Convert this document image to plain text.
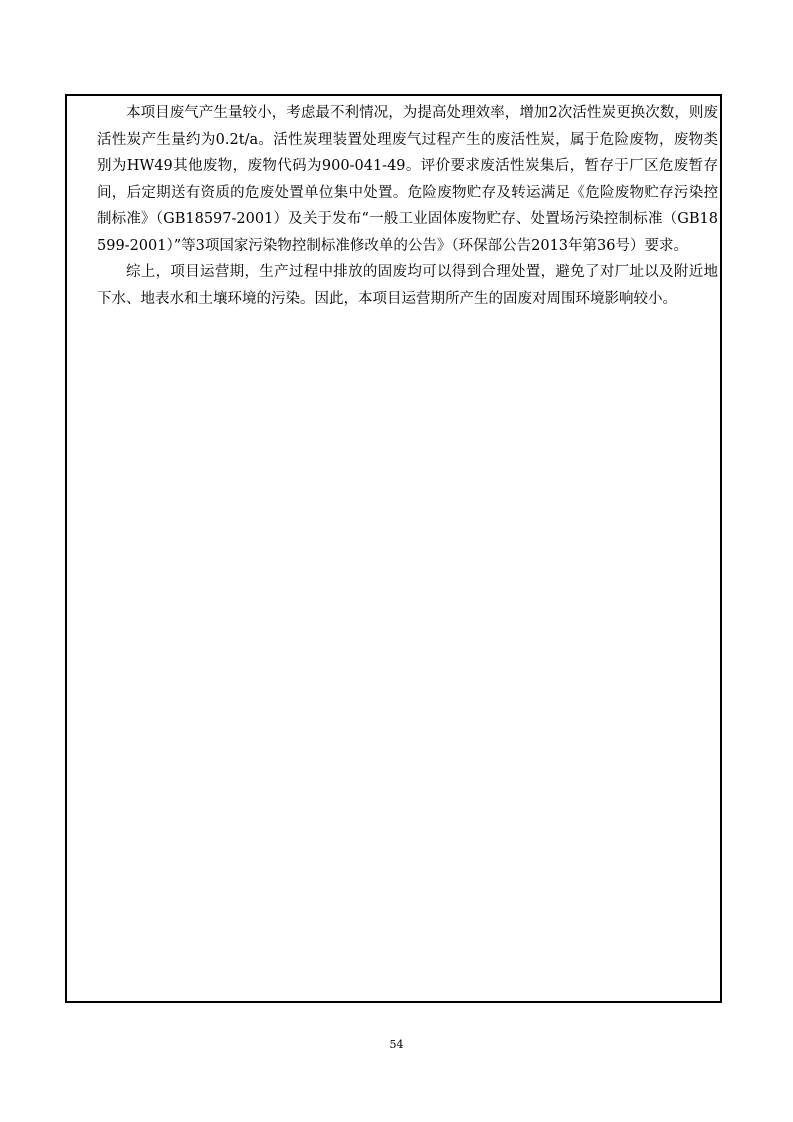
本项目废气产生量较小，考虑最不利情况，为提高处理效率，增加2次活性炭更换次数，则废活性炭产生量约为0.2t/a。活性炭理装置处理废气过程产生的废活性炭，属于危险废物，废物类别为HW49其他废物，废物代码为900-041-49。评价要求废活性炭集后，暂存于厂区危废暂存间，后定期送有资质的危废处置单位集中处置。危险废物贮存及转运满足《危险废物贮存污染控制标准》（GB18597-2001）及关于发布“一般工业固体废物贮存、处置场污染控制标准（GB18599-2001）”等3项国家污染物控制标准修改单的公告》（环保部公告2013年第36号）要求。

综上，项目运营期，生产过程中排放的固废均可以得到合理处置，避免了对厂址以及附近地下水、地表水和土壤环境的污染。因此，本项目运营期所产生的固废对周围环境影响较小。

54
